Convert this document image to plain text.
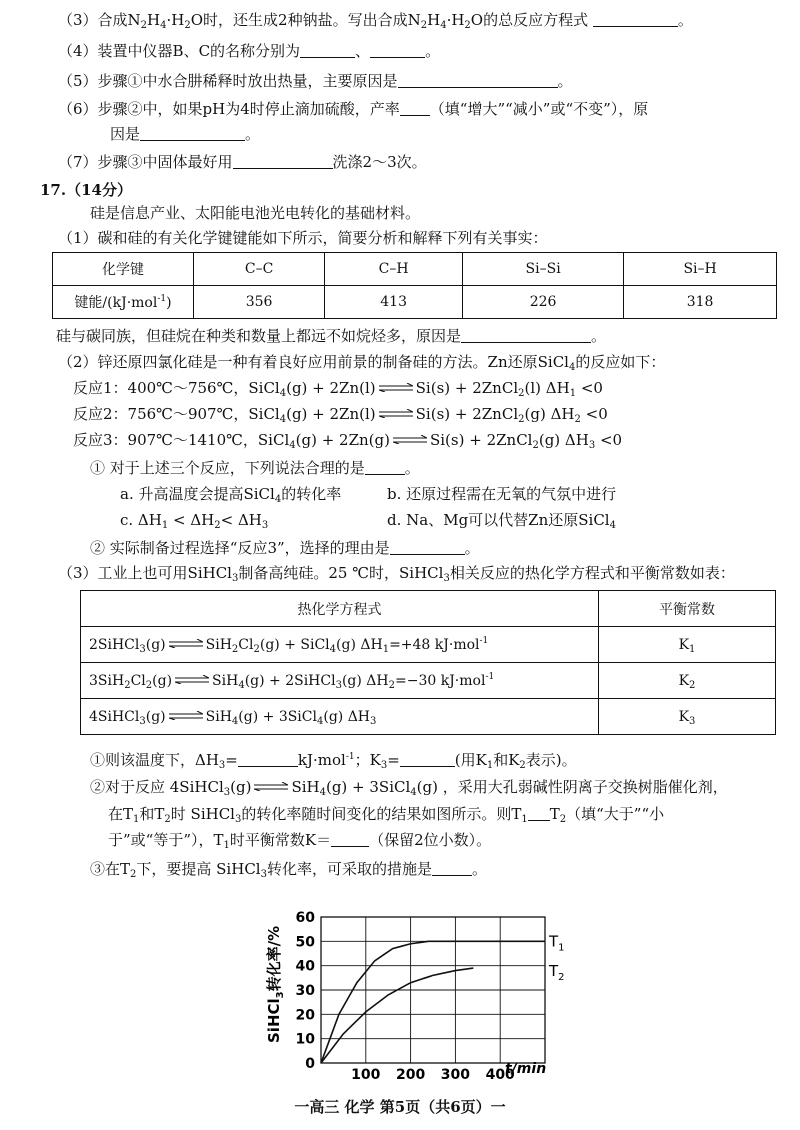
（3）合成$N_2H_4\cdot H_2O$时，还生成2种钠盐。写出合成$N_2H_4\cdot H_2O$的总反应方程式	。
（4）装置中仪器B、C的名称分别为	、	。
（5）步骤①中水合肼稀释时放出热量，主要原因是	。
（6）步骤②中，如果pH为4时停止滴加硫酸，产率 （填“增大”“减小”或“不变”），原
因是	。
（7）步骤③中固体最好用	洗涤2～3次。
17.（14分）
硅是信息产业、太阳能电池光电转化的基础材料。
（1）碳和硅的有关化学键键能如下所示，简要分析和解释下列有关事实：
化学键	C–C	C–H	Si–Si	Si–H
键能/(kJ·mol$^{-1}$)	356	413	226	318
硅与碳同族，但硅烷在种类和数量上都远不如烷烃多，原因是	。
（2）锌还原四氯化硅是一种有着良好应用前景的制备硅的方法。Zn还原SiCl$_4$的反应如下：
反应1：400℃～756℃，SiCl$_4$(g) + 2Zn(l) ⇌ Si(s) + 2ZnCl$_2$(l) $\Delta H_1 <0$
反应2：756℃～907℃，SiCl$_4$(g) + 2Zn(l) ⇌ Si(s) + 2ZnCl$_2$(g) $\Delta H_2 <0$
反应3：907℃～1410℃，SiCl$_4$(g) + 2Zn(g) ⇌ Si(s) + 2ZnCl$_2$(g) $\Delta H_3 <0$
① 对于上述三个反应，下列说法合理的是	。
a. 升高温度会提高SiCl$_4$的转化率	b. 还原过程需在无氧的气氛中进行
c. $\Delta H_1 < \Delta H_2< \Delta H_3$	d. Na、Mg可以代替Zn还原SiCl$_4$
② 实际制备过程选择“反应3”，选择的理由是	。
（3）工业上也可用SiHCl$_3$制备高纯硅。25 ℃时，SiHCl$_3$相关反应的热化学方程式和平衡常数如表：
热化学方程式	平衡常数
2SiHCl$_3$(g) ⇌ $SiH_2Cl_2(g)$ + SiCl$_4$(g) $\Delta H_1=+48$ kJ·mol$^{-1}$	$K_1$
$3SiH_2Cl_2(g)$ ⇌ SiH$_4$(g) + 2SiHCl$_3$(g) $\Delta H_2=-30$ kJ·mol$^{-1}$	$K_2$
4SiHCl$_3$(g) ⇌ SiH$_4$(g) + 3SiCl$_4$(g) $\Delta H_3$	$K_3$
①则该温度下，$\Delta H_3=$	kJ·mol$^{-1}$；$K_3=$	(用$K_1$和$K_2$表示)。
②对于反应 4SiHCl$_3$(g) ⇌ SiH$_4$(g) + 3SiCl$_4$(g) ，采用大孔弱碱性阴离子交换树脂催化剂，
在$T_1$和$T_2$时 SiHCl$_3$的转化率随时间变化的结果如图所示。则$T_1$ $T_2$（填“大于”“小
于”或“等于”），$T_1$时平衡常数K＝	（保留2位小数）。
③在$T_2$下，要提高 SiHCl$_3$转化率，可采取的措施是	。
0
10
20
30
40
50
60
100 200 300 400
$T_1$
$T_2$
SiHCl$_3$转化率/%
t/min
一高三 化学 第5页（共6页）一
